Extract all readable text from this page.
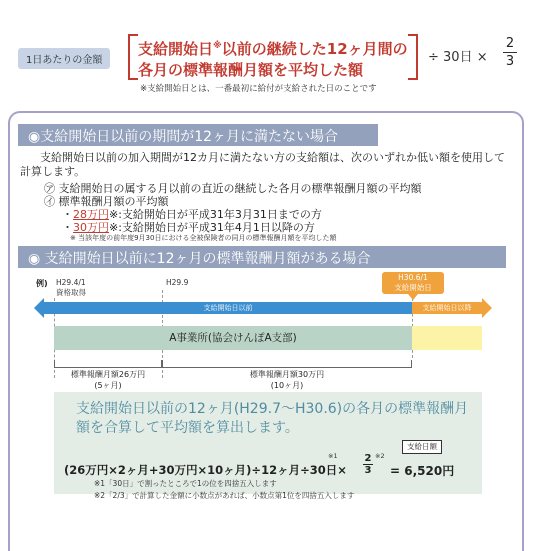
1日あたりの金額
支給開始日※以前の継続した12ヶ月間の
各月の標準報酬月額を平均した額
÷ 30日 ×
2
3
※支給開始日とは、一番最初に給付が支給された日のことです
◉支給開始日以前の期間が12ヶ月に満たない場合
支給開始日以前の加入期間が12カ月に満たない方の支給額は、次のいずれか低い額を使用して計算します。
㋐ 支給開始日の属する月以前の直近の継続した各月の標準報酬月額の平均額
㋑ 標準報酬月額の平均額
・28万円※:支給開始日が平成31年3月31日までの方
・30万円※:支給開始日が平成31年4月1日以降の方
※ 当該年度の前年度9月30日における全被保険者の同月の標準報酬月額を平均した額
◉ 支給開始日以前に12ヶ月の標準報酬月額がある場合
例) H29.4/1
資格取得
H29.9
H30.6/1
支給開始日
支給開始日以前	支給開始日以降
A事業所(協会けんぽA支部)
標準報酬月額26万円
(5ヶ月)
標準報酬月額30万円
(10ヶ月)
支給開始日以前の12ヶ月(H29.7〜H30.6)の各月の標準報酬月額を合算して平均額を算出します。
支給日額
(26万円×2ヶ月+30万円×10ヶ月)÷12ヶ月÷30日×
※1	※2
2
3 = 6,520円
※1「30日」で割ったところで1の位を四捨五入します
※2「2/3」で計算した金額に小数点があれば、小数点第1位を四捨五入します
